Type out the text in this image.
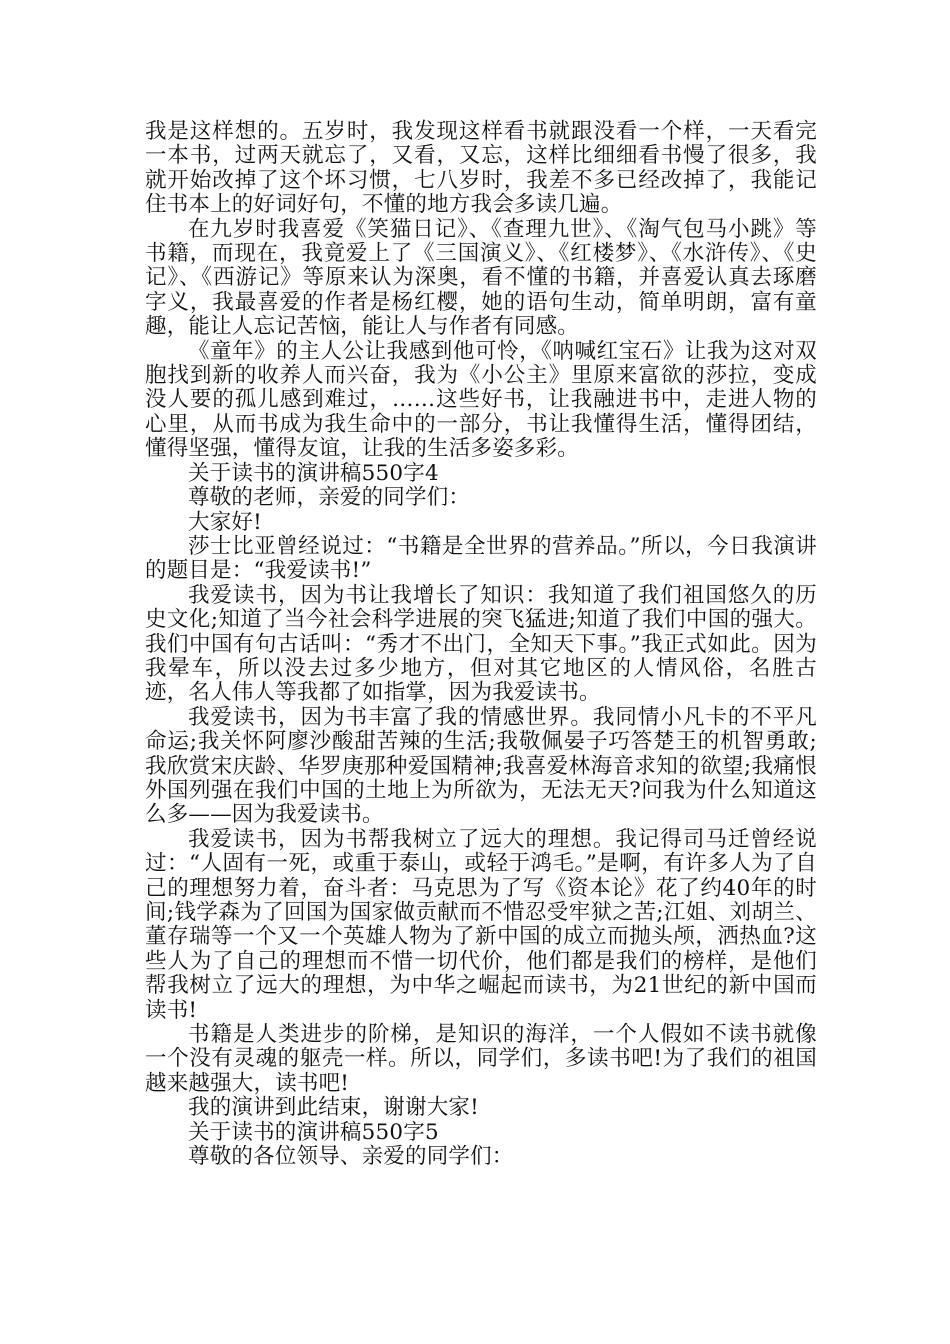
我是这样想的。五岁时，我发现这样看书就跟没看一个样，一天看完一本书，过两天就忘了，又看，又忘，这样比细细看书慢了很多，我就开始改掉了这个坏习惯，七八岁时，我差不多已经改掉了，我能记住书本上的好词好句，不懂的地方我会多读几遍。

在九岁时我喜爱《笑猫日记》、《查理九世》、《淘气包马小跳》等书籍，而现在，我竟爱上了《三国演义》、《红楼梦》、《水浒传》、《史记》、《西游记》等原来认为深奥，看不懂的书籍，并喜爱认真去琢磨字义，我最喜爱的作者是杨红樱，她的语句生动，简单明朗，富有童趣，能让人忘记苦恼，能让人与作者有同感。

《童年》的主人公让我感到他可怜，《呐喊红宝石》让我为这对双胞找到新的收养人而兴奋，我为《小公主》里原来富欲的莎拉，变成没人要的孤儿感到难过，……这些好书，让我融进书中，走进人物的心里，从而书成为我生命中的一部分，书让我懂得生活，懂得团结，懂得坚强，懂得友谊，让我的生活多姿多彩。

关于读书的演讲稿550字4

尊敬的老师，亲爱的同学们：

大家好!

莎士比亚曾经说过：“书籍是全世界的营养品。”所以，今日我演讲的题目是：“我爱读书!”

我爱读书，因为书让我增长了知识：我知道了我们祖国悠久的历史文化;知道了当今社会科学进展的突飞猛进;知道了我们中国的强大。我们中国有句古话叫：“秀才不出门，全知天下事。”我正式如此。因为我晕车，所以没去过多少地方，但对其它地区的人情风俗，名胜古迹，名人伟人等我都了如指掌，因为我爱读书。

我爱读书，因为书丰富了我的情感世界。我同情小凡卡的不平凡命运;我关怀阿廖沙酸甜苦辣的生活;我敬佩晏子巧答楚王的机智勇敢;我欣赏宋庆龄、华罗庚那种爱国精神;我喜爱林海音求知的欲望;我痛恨外国列强在我们中国的土地上为所欲为，无法无天?问我为什么知道这么多——因为我爱读书。

我爱读书，因为书帮我树立了远大的理想。我记得司马迁曾经说过：“人固有一死，或重于泰山，或轻于鸿毛。”是啊，有许多人为了自己的理想努力着，奋斗者：马克思为了写《资本论》花了约40年的时间;钱学森为了回国为国家做贡献而不惜忍受牢狱之苦;江姐、刘胡兰、董存瑞等一个又一个英雄人物为了新中国的成立而抛头颅，洒热血?这些人为了自己的理想而不惜一切代价，他们都是我们的榜样，是他们帮我树立了远大的理想，为中华之崛起而读书，为21世纪的新中国而读书!

书籍是人类进步的阶梯，是知识的海洋，一个人假如不读书就像一个没有灵魂的躯壳一样。所以，同学们，多读书吧!为了我们的祖国越来越强大，读书吧!

我的演讲到此结束，谢谢大家!

关于读书的演讲稿550字5

尊敬的各位领导、亲爱的同学们：
